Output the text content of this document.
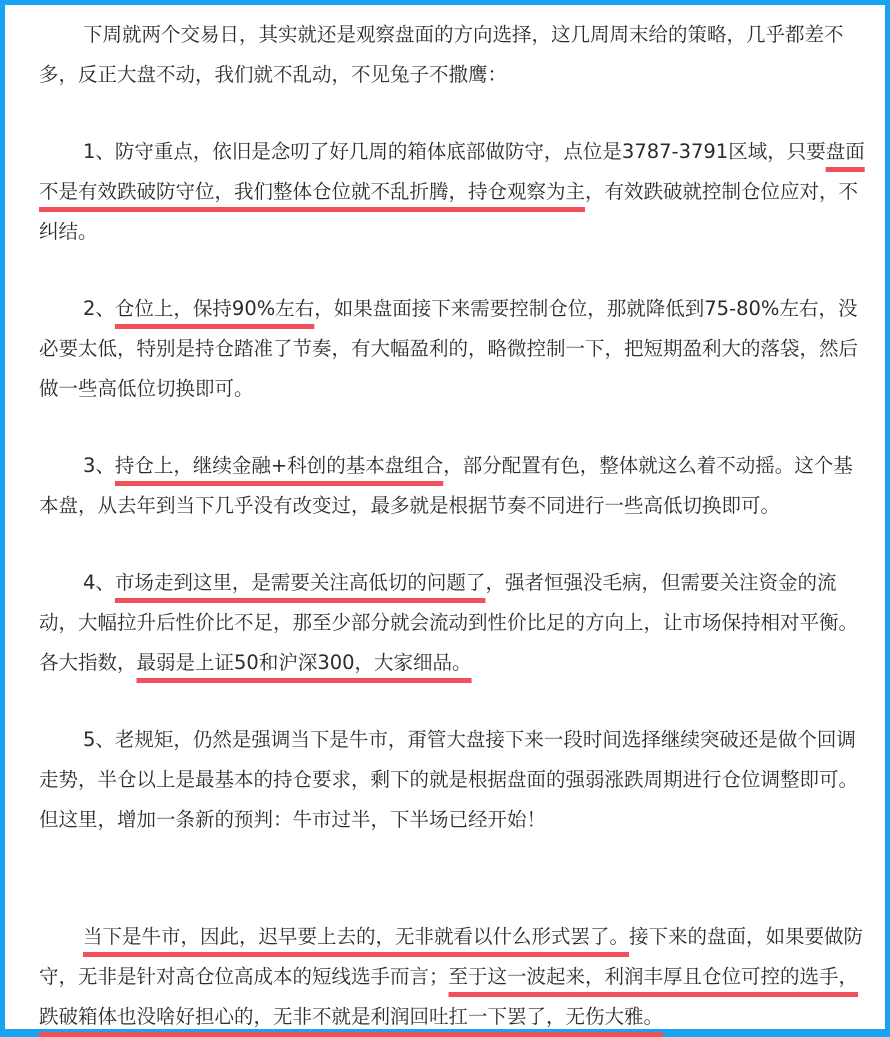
下周就两个交易日，其实就还是观察盘面的方向选择，这几周周末给的策略，几乎都差不多，反正大盘不动，我们就不乱动，不见兔子不撒鹰：

1、防守重点，依旧是念叨了好几周的箱体底部做防守，点位是3787-3791区域，只要盘面不是有效跌破防守位，我们整体仓位就不乱折腾，持仓观察为主，有效跌破就控制仓位应对，不纠结。

2、仓位上，保持90%左右，如果盘面接下来需要控制仓位，那就降低到75-80%左右，没必要太低，特别是持仓踏准了节奏，有大幅盈利的，略微控制一下，把短期盈利大的落袋，然后做一些高低位切换即可。

3、持仓上，继续金融+科创的基本盘组合，部分配置有色，整体就这么着不动摇。这个基本盘，从去年到当下几乎没有改变过，最多就是根据节奏不同进行一些高低切换即可。

4、市场走到这里，是需要关注高低切的问题了，强者恒强没毛病，但需要关注资金的流动，大幅拉升后性价比不足，那至少部分就会流动到性价比足的方向上，让市场保持相对平衡。各大指数，最弱是上证50和沪深300，大家细品。

5、老规矩，仍然是强调当下是牛市，甭管大盘接下来一段时间选择继续突破还是做个回调走势，半仓以上是最基本的持仓要求，剩下的就是根据盘面的强弱涨跌周期进行仓位调整即可。但这里，增加一条新的预判：牛市过半，下半场已经开始！

当下是牛市，因此，迟早要上去的，无非就看以什么形式罢了。接下来的盘面，如果要做防守，无非是针对高仓位高成本的短线选手而言；至于这一波起来，利润丰厚且仓位可控的选手，跌破箱体也没啥好担心的，无非不就是利润回吐扛一下罢了，无伤大雅。
